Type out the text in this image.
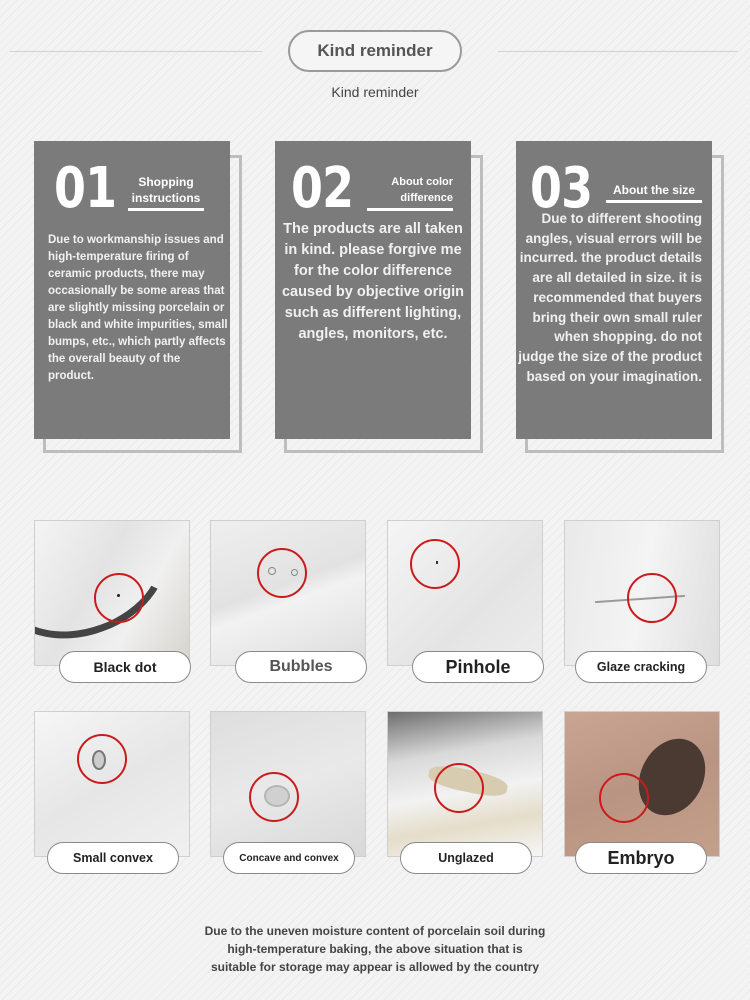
Kind reminder
Kind reminder
01	Shopping
instructions
Due to workmanship issues and high-temperature firing of ceramic products, there may occasionally be some areas that are slightly missing porcelain or black and white impurities, small bumps, etc., which partly affects the overall beauty of the product.
02	About color
difference
The products are all taken in kind. please forgive me for the color difference caused by objective origin such as different lighting, angles, monitors, etc.
03	About the size
Due to different shooting angles, visual errors will be incurred. the product details are all detailed in size. it is recommended that buyers bring their own small ruler when shopping. do not judge the size of the product based on your imagination.
Black dot	Bubbles	Pinhole	Glaze cracking
Small convex	Concave and convex	Unglazed	Embryo
Due to the uneven moisture content of porcelain soil during
high-temperature baking, the above situation that is
suitable for storage may appear is allowed by the country
